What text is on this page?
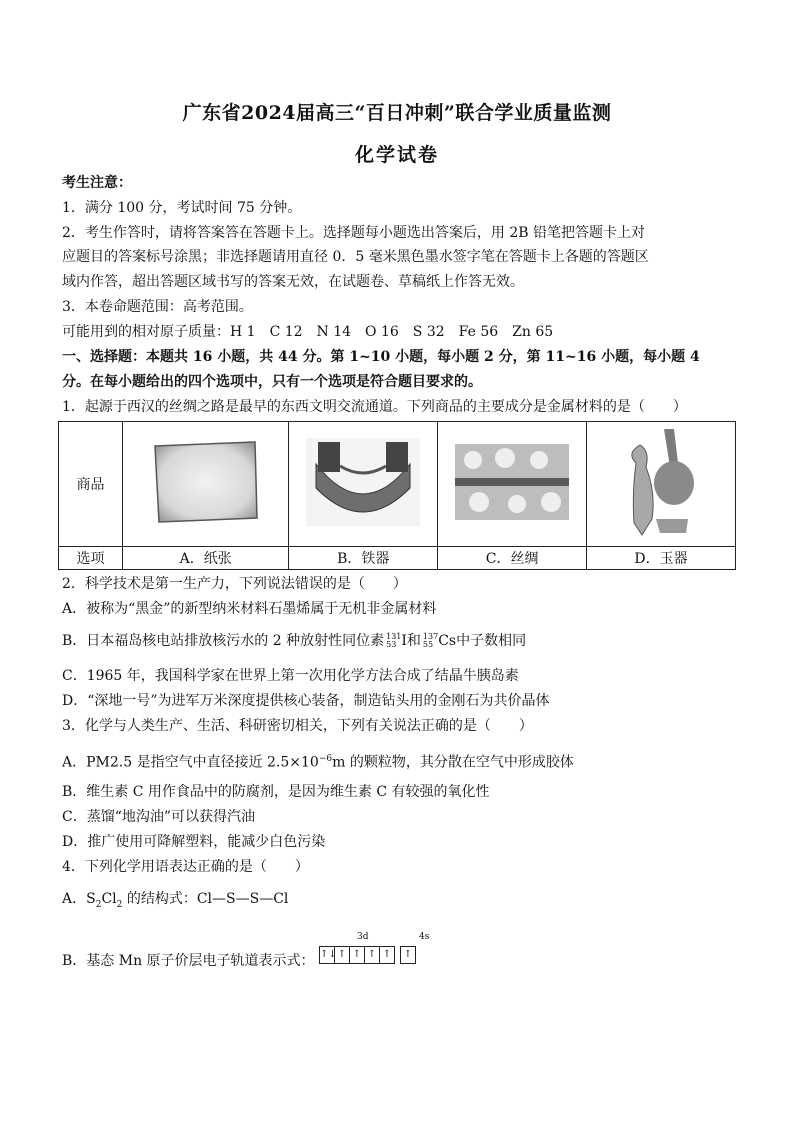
广东省2024届高三“百日冲刺”联合学业质量监测
化学试卷
考生注意：
1．满分 100 分，考试时间 75 分钟。
2．考生作答时，请将答案答在答题卡上。选择题每小题选出答案后，用 2B 铅笔把答题卡上对
应题目的答案标号涂黑；非选择题请用直径 0．5 毫米黑色墨水签字笔在答题卡上各题的答题区
域内作答，超出答题区域书写的答案无效，在试题卷、草稿纸上作答无效。
3．本卷命题范围：高考范围。
可能用到的相对原子质量：H 1　C 12　N 14　O 16　S 32　Fe 56　Zn 65
一、选择题：本题共 16 小题，共 44 分。第 1~10 小题，每小题 2 分，第 11~16 小题，每小题 4
分。在每小题给出的四个选项中，只有一个选项是符合题目要求的。
1．起源于西汉的丝绸之路是最早的东西文明交流通道。下列商品的主要成分是金属材料的是（　　）
商品				
选项	A．纸张	B．铁器	C．丝绸	D．玉器
2．科学技术是第一生产力，下列说法错误的是（　　）
A．被称为“黑金”的新型纳米材料石墨烯属于无机非金属材料
B．日本福岛核电站排放核污水的 2 种放射性同位素 131
53 I和 137
55 Cs中子数相同
C．1965 年，我国科学家在世界上第一次用化学方法合成了结晶牛胰岛素
D．“深地一号”为进军万米深度提供核心装备，制造钻头用的金刚石为共价晶体
3．化学与人类生产、生活、科研密切相关，下列有关说法正确的是（　　）
A．PM2.5 是指空气中直径接近 $2.5\times 10^{-6}m$ 的颗粒物，其分散在空气中形成胶体
B．维生素 C 用作食品中的防腐剂，是因为维生素 C 有较强的氧化性
C．蒸馏“地沟油”可以获得汽油
D．推广使用可降解塑料，能减少白色污染
4．下列化学用语表达正确的是（　　）
A．$S_2Cl_2$ 的结构式：Cl—S—S—Cl
3d	4s
B．基态 Mn 原子价层电子轨道表示式： ↑↓ ↑ ↑ ↑ ↑	↑
